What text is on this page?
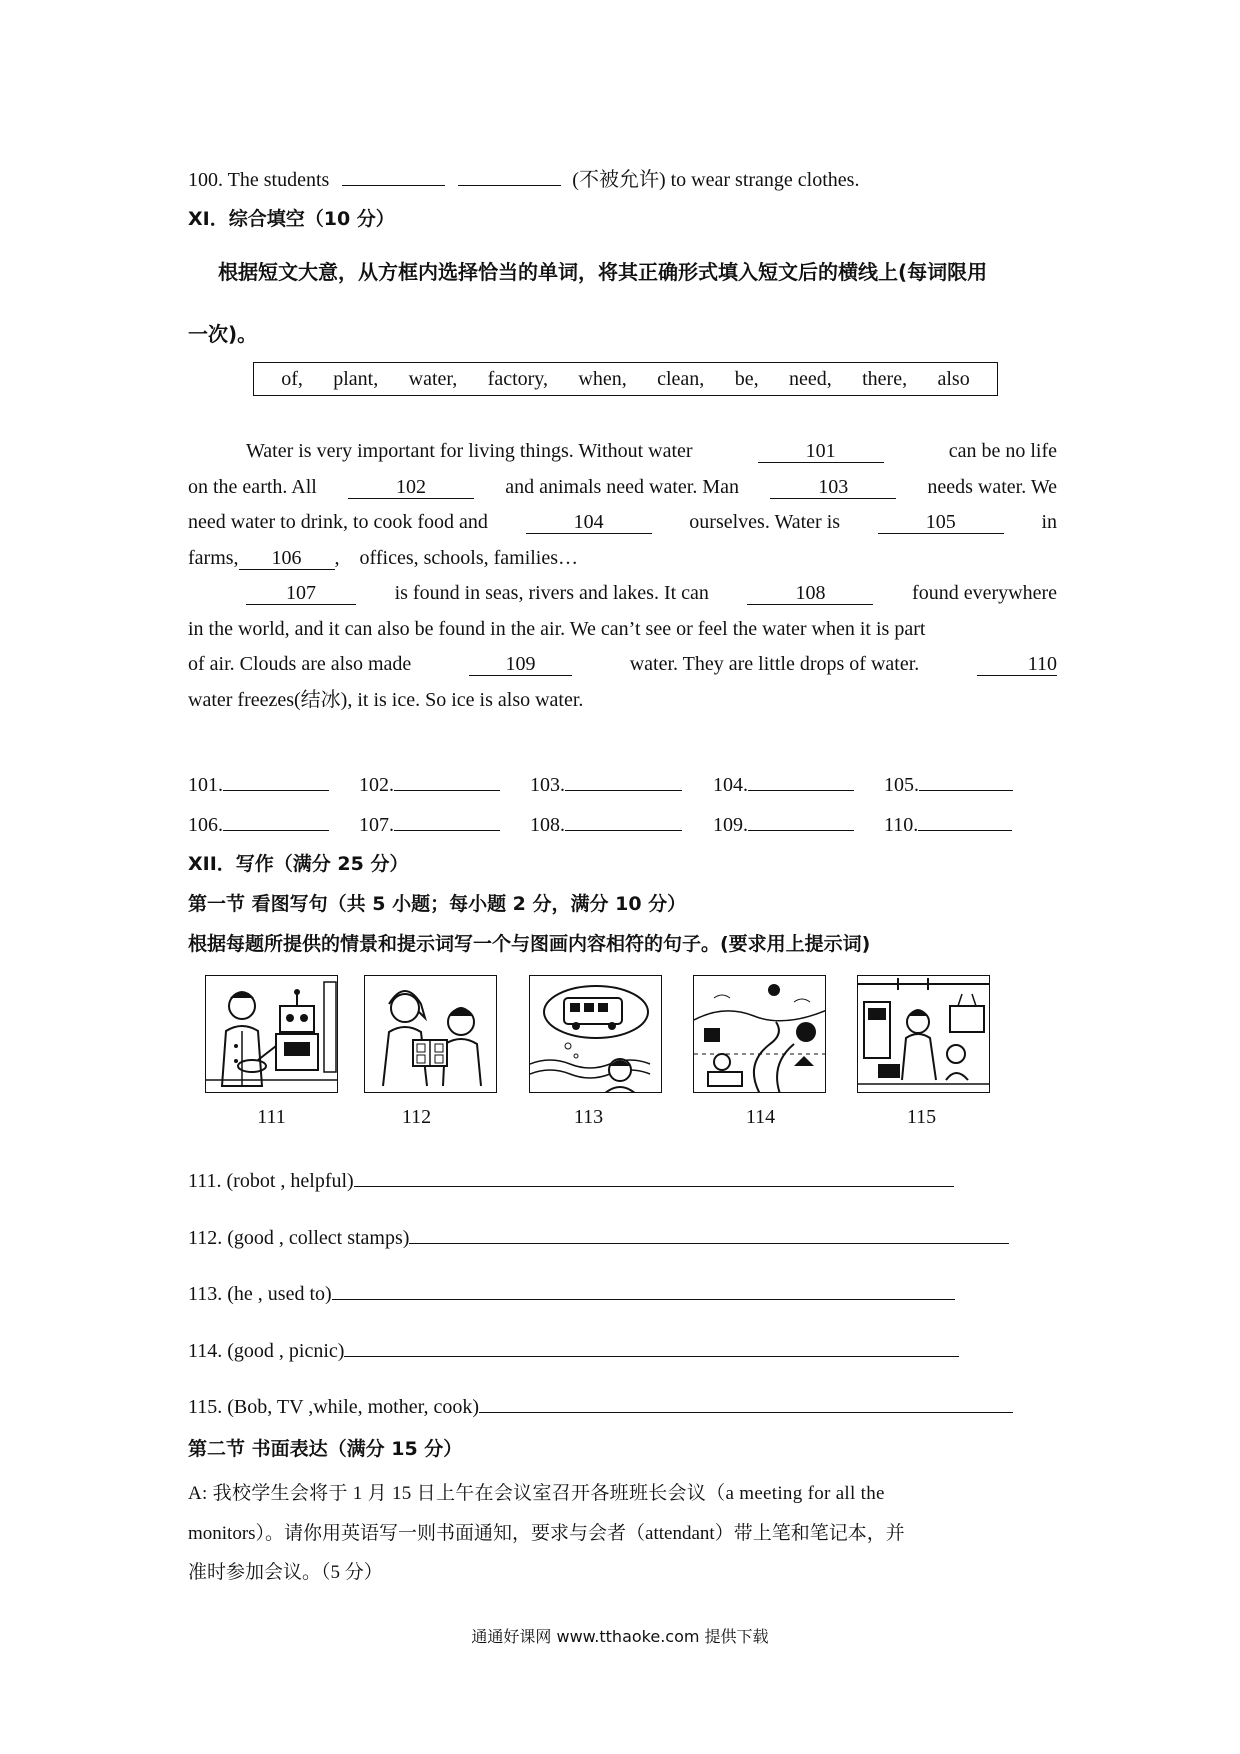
100. The students	(不被允许) to wear strange clothes.
XI．综合填空（10 分）
根据短文大意，从方框内选择恰当的单词，将其正确形式填入短文后的横线上(每词限用
一次)。
of, plant, water, factory, when, clean, be, need, there, also
Water is very important for living things. Without water	101	can be no life
on the earth. All	102	and animals need water. Man	103	needs water. We
need water to drink, to cook food and	104	ourselves. Water is	105	in
farms,	106	,    offices, schools, families…
107	is found in seas, rivers and lakes. It can	108	found everywhere
in the world, and it can also be found in the air. We can’t see or feel the water when it is part
of air. Clouds are also made	109	water. They are little drops of water.	110
water freezes(结冰), it is ice. So ice is also water.
101.	102.	103.	104.	105.
106.	107.	108.	109.	110.
XII．写作（满分 25 分）
第一节 看图写句（共 5 小题；每小题 2 分，满分 10 分）
根据每题所提供的情景和提示词写一个与图画内容相符的句子。(要求用上提示词)
111	112	113	114	115
111. (robot , helpful)
112. (good , collect stamps)
113. (he , used to)
114. (good , picnic)
115. (Bob, TV ,while, mother, cook)
第二节 书面表达（满分 15 分）
A: 我校学生会将于 1 月 15 日上午在会议室召开各班班长会议（a meeting for all the
monitors）。请你用英语写一则书面通知，要求与会者（attendant）带上笔和笔记本，并
准时参加会议。（5 分）
通通好课网 www.tthaoke.com 提供下载
